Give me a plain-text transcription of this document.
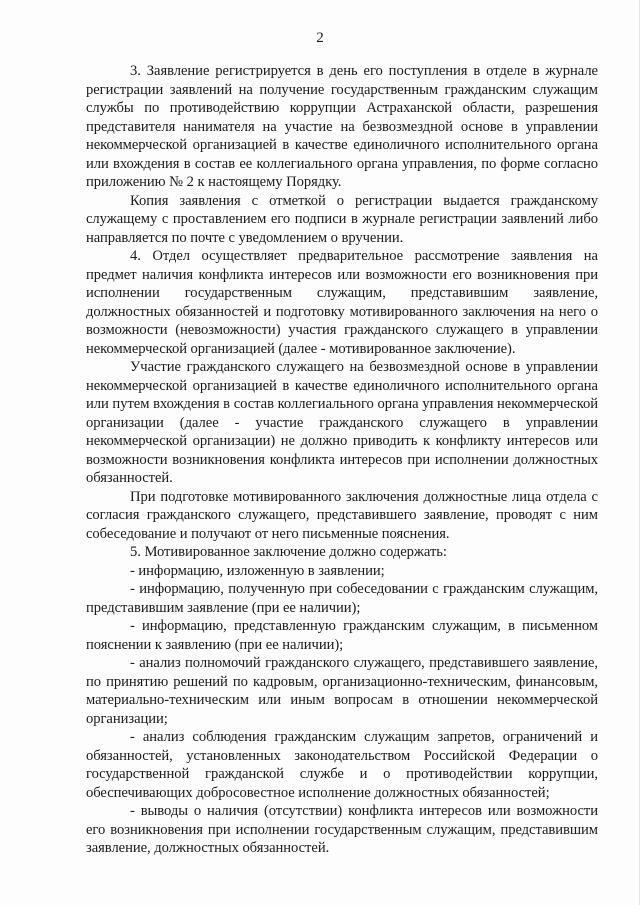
2

3. Заявление регистрируется в день его поступления в отделе в журнале регистрации заявлений на получение государственным гражданским служащим службы по противодействию коррупции Астраханской области, разрешения представителя нанимателя на участие на безвозмездной основе в управлении некоммерческой организацией в качестве единоличного исполнительного органа или вхождения в состав ее коллегиального органа управления, по форме согласно приложению № 2 к настоящему Порядку.

Копия заявления с отметкой о регистрации выдается гражданскому служащему с проставлением его подписи в журнале регистрации заявлений либо направляется по почте с уведомлением о вручении.

4. Отдел осуществляет предварительное рассмотрение заявления на предмет наличия конфликта интересов или возможности его возникновения при исполнении государственным служащим, представившим заявление, должностных обязанностей и подготовку мотивированного заключения на него о возможности (невозможности) участия гражданского служащего в управлении некоммерческой организацией (далее - мотивированное заключение).

Участие гражданского служащего на безвозмездной основе в управлении некоммерческой организацией в качестве единоличного исполнительного органа или путем вхождения в состав коллегиального органа управления некоммерческой организации (далее - участие гражданского служащего в управлении некоммерческой организации) не должно приводить к конфликту интересов или возможности возникновения конфликта интересов при исполнении должностных обязанностей.

При подготовке мотивированного заключения должностные лица отдела с согласия гражданского служащего, представившего заявление, проводят с ним собеседование и получают от него письменные пояснения.

5. Мотивированное заключение должно содержать:

- информацию, изложенную в заявлении;

- информацию, полученную при собеседовании с гражданским служащим, представившим заявление (при ее наличии);

- информацию, представленную гражданским служащим, в письменном пояснении к заявлению (при ее наличии);

- анализ полномочий гражданского служащего, представившего заявление, по принятию решений по кадровым, организационно-техническим, финансовым, материально-техническим или иным вопросам в отношении некоммерческой организации;

- анализ соблюдения гражданским служащим запретов, ограничений и обязанностей, установленных законодательством Российской Федерации о государственной гражданской службе и о противодействии коррупции, обеспечивающих добросовестное исполнение должностных обязанностей;

- выводы о наличия (отсутствии) конфликта интересов или возможности его возникновения при исполнении государственным служащим, представившим заявление, должностных обязанностей.
